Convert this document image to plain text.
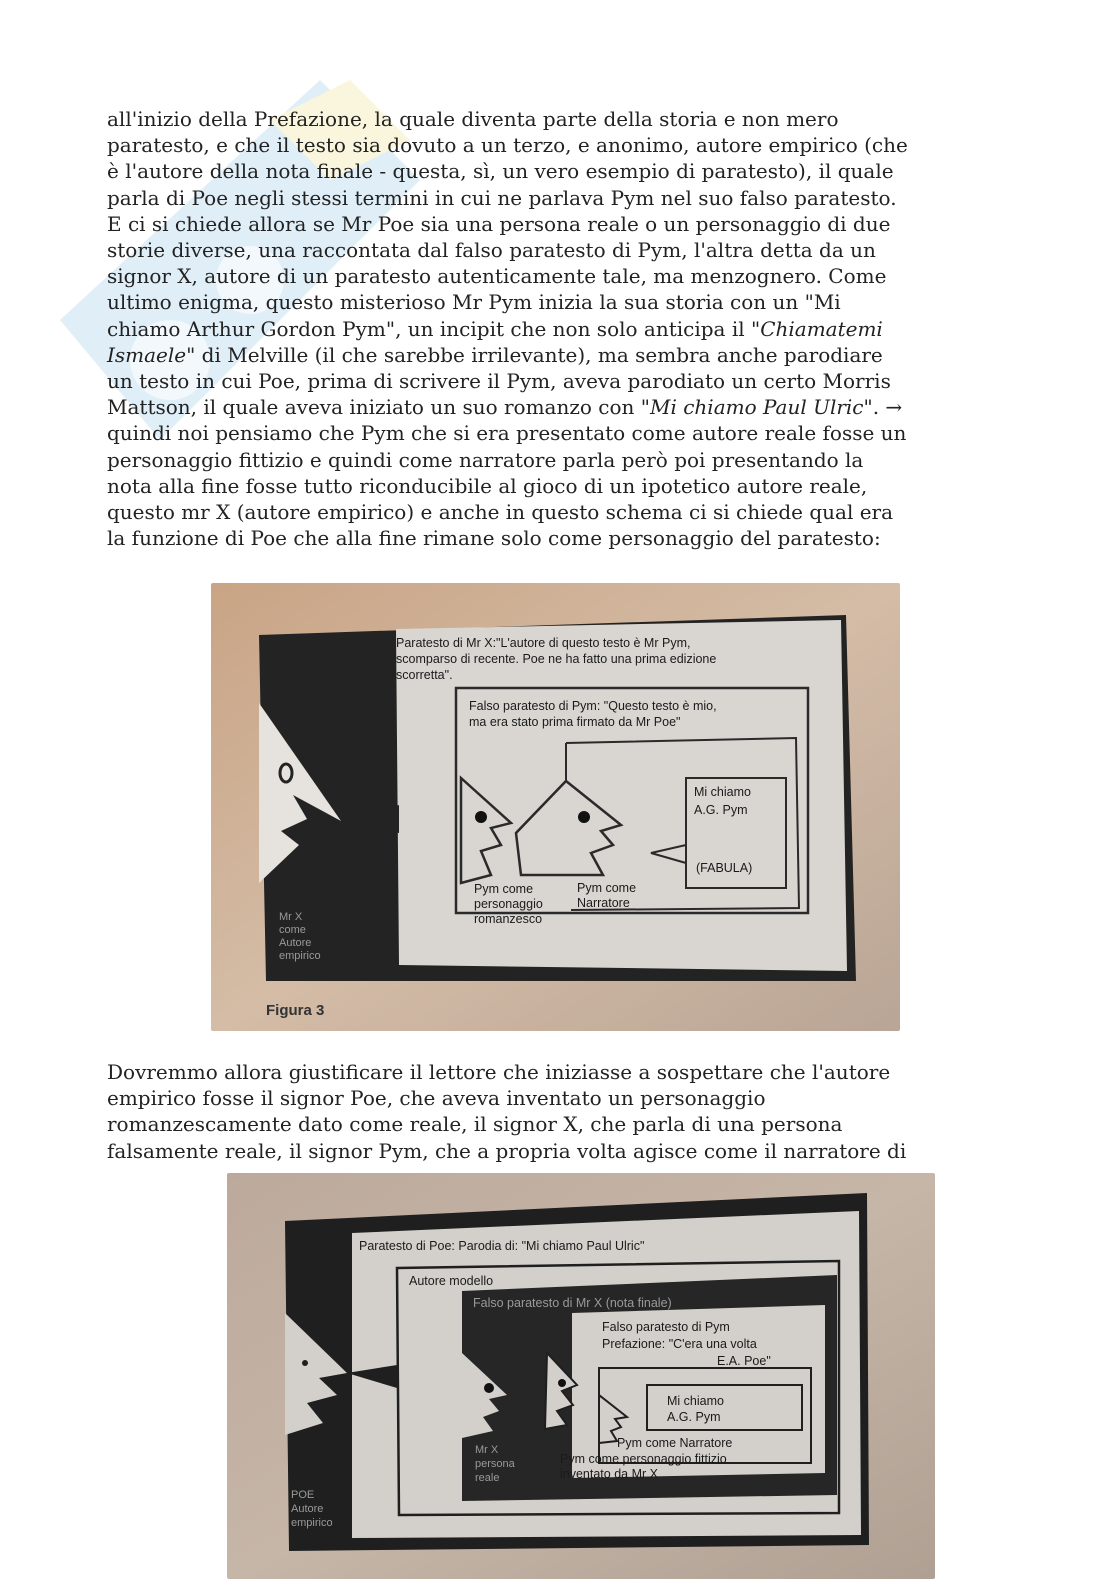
all'inizio della Prefazione, la quale diventa parte della storia e non mero
paratesto, e che il testo sia dovuto a un terzo, e anonimo, autore empirico (che
è l'autore della nota finale - questa, sì, un vero esempio di paratesto), il quale
parla di Poe negli stessi termini in cui ne parlava Pym nel suo falso paratesto.
E ci si chiede allora se Mr Poe sia una persona reale o un personaggio di due
storie diverse, una raccontata dal falso paratesto di Pym, l'altra detta da un
signor X, autore di un paratesto autenticamente tale, ma menzognero. Come
ultimo enigma, questo misterioso Mr Pym inizia la sua storia con un "Mi
chiamo Arthur Gordon Pym", un incipit che non solo anticipa il "Chiamatemi
Ismaele" di Melville (il che sarebbe irrilevante), ma sembra anche parodiare
un testo in cui Poe, prima di scrivere il Pym, aveva parodiato un certo Morris
Mattson, il quale aveva iniziato un suo romanzo con "Mi chiamo Paul Ulric". →
quindi noi pensiamo che Pym che si era presentato come autore reale fosse un
personaggio fittizio e quindi come narratore parla però poi presentando la
nota alla fine fosse tutto riconducibile al gioco di un ipotetico autore reale,
questo mr X (autore empirico) e anche in questo schema ci si chiede qual era
la funzione di Poe che alla fine rimane solo come personaggio del paratesto:
Paratesto di Mr X:"L'autore di questo testo è Mr Pym, scomparso di recente. Poe ne ha fatto una prima edizione scorretta".
Falso paratesto di Pym: "Questo testo è mio, ma era stato prima firmato da Mr Poe"
Mi chiamo A.G. Pym
(FABULA)
Pym come personaggio romanzesco
Pym come Narratore
Mr X come Autore empirico
Figura 3
Dovremmo allora giustificare il lettore che iniziasse a sospettare che l'autore
empirico fosse il signor Poe, che aveva inventato un personaggio
romanzescamente dato come reale, il signor X, che parla di una persona
falsamente reale, il signor Pym, che a propria volta agisce come il narratore di
Paratesto di Poe: Parodia di: "Mi chiamo Paul Ulric"
Autore modello
Falso paratesto di Mr X (nota finale)
Falso paratesto di Pym Prefazione: "C'era una volta E.A. Poe"
Mi chiamo A.G. Pym
Pym come Narratore
Mr X persona reale
Pym come personaggio fittizio inventato da Mr X
POE Autore empirico
